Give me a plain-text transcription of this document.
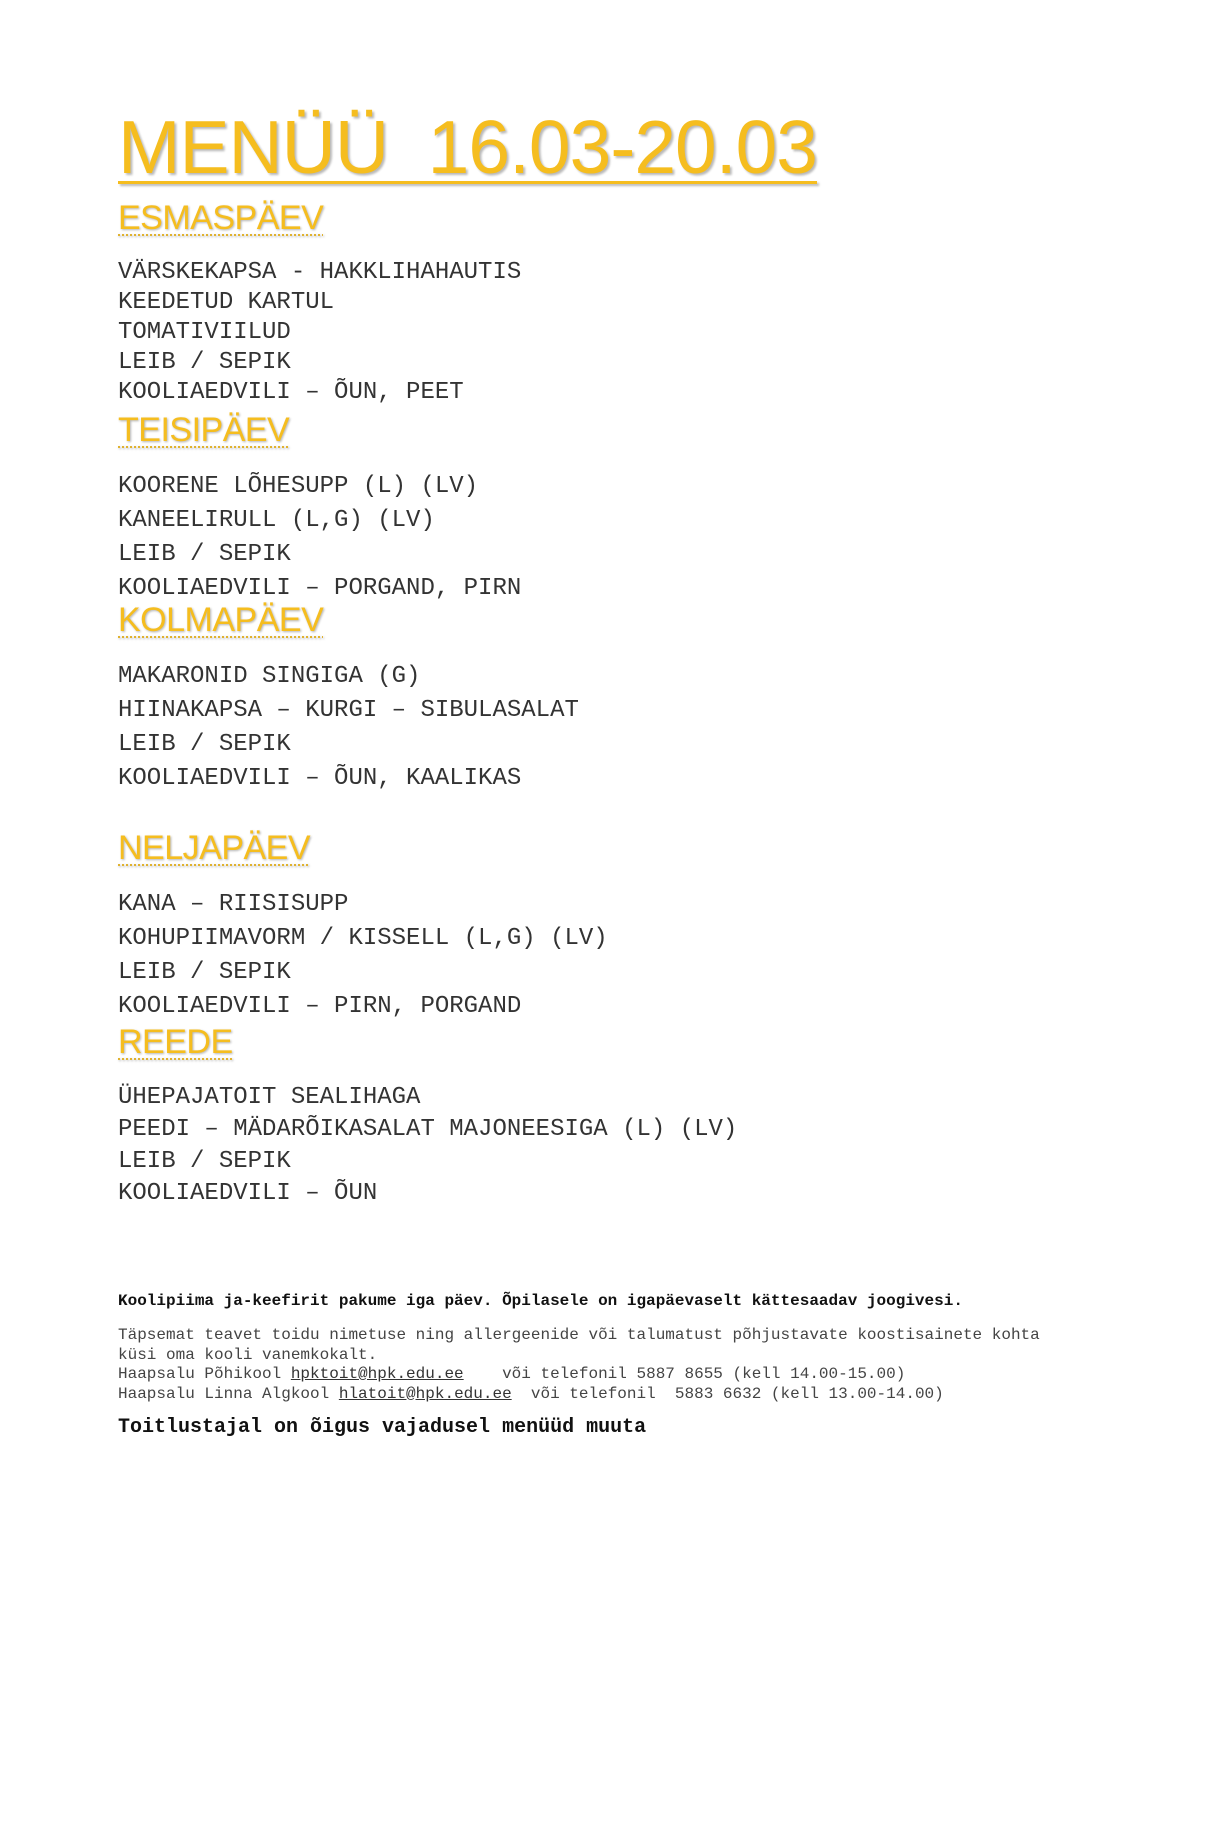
MENÜÜ  16.03-20.03
ESMASPÄEV
VÄRSKEKAPSA - HAKKLIHAHAUTIS
KEEDETUD KARTUL
TOMATIVIILUD
LEIB / SEPIK
KOOLIAEDVILI – ÕUN, PEET
TEISIPÄEV
KOORENE LÕHESUPP (L) (LV)
KANEELIRULL (L,G) (LV)
LEIB / SEPIK
KOOLIAEDVILI – PORGAND, PIRN
KOLMAPÄEV
MAKARONID SINGIGA (G)
HIINAKAPSA – KURGI – SIBULASALAT
LEIB / SEPIK
KOOLIAEDVILI – ÕUN, KAALIKAS
NELJAPÄEV
KANA – RIISISUPP
KOHUPIIMAVORM / KISSELL (L,G) (LV)
LEIB / SEPIK
KOOLIAEDVILI – PIRN, PORGAND
REEDE
ÜHEPAJATOIT SEALIHAGA
PEEDI – MÄDARÕIKASALAT MAJONEESIGA (L) (LV)
LEIB / SEPIK
KOOLIAEDVILI – ÕUN

Koolipiima ja-keefirit pakume iga päev. Õpilasele on igapäevaselt kättesaadav joogivesi.

Täpsemat teavet toidu nimetuse ning allergeenide või talumatust põhjustavate koostisainete kohta
küsi oma kooli vanemkokalt.
Haapsalu Põhikool hpktoit@hpk.edu.ee    või telefonil 5887 8655 (kell 14.00-15.00)
Haapsalu Linna Algkool hlatoit@hpk.edu.ee  või telefonil  5883 6632 (kell 13.00-14.00)

Toitlustajal on õigus vajadusel menüüd muuta
